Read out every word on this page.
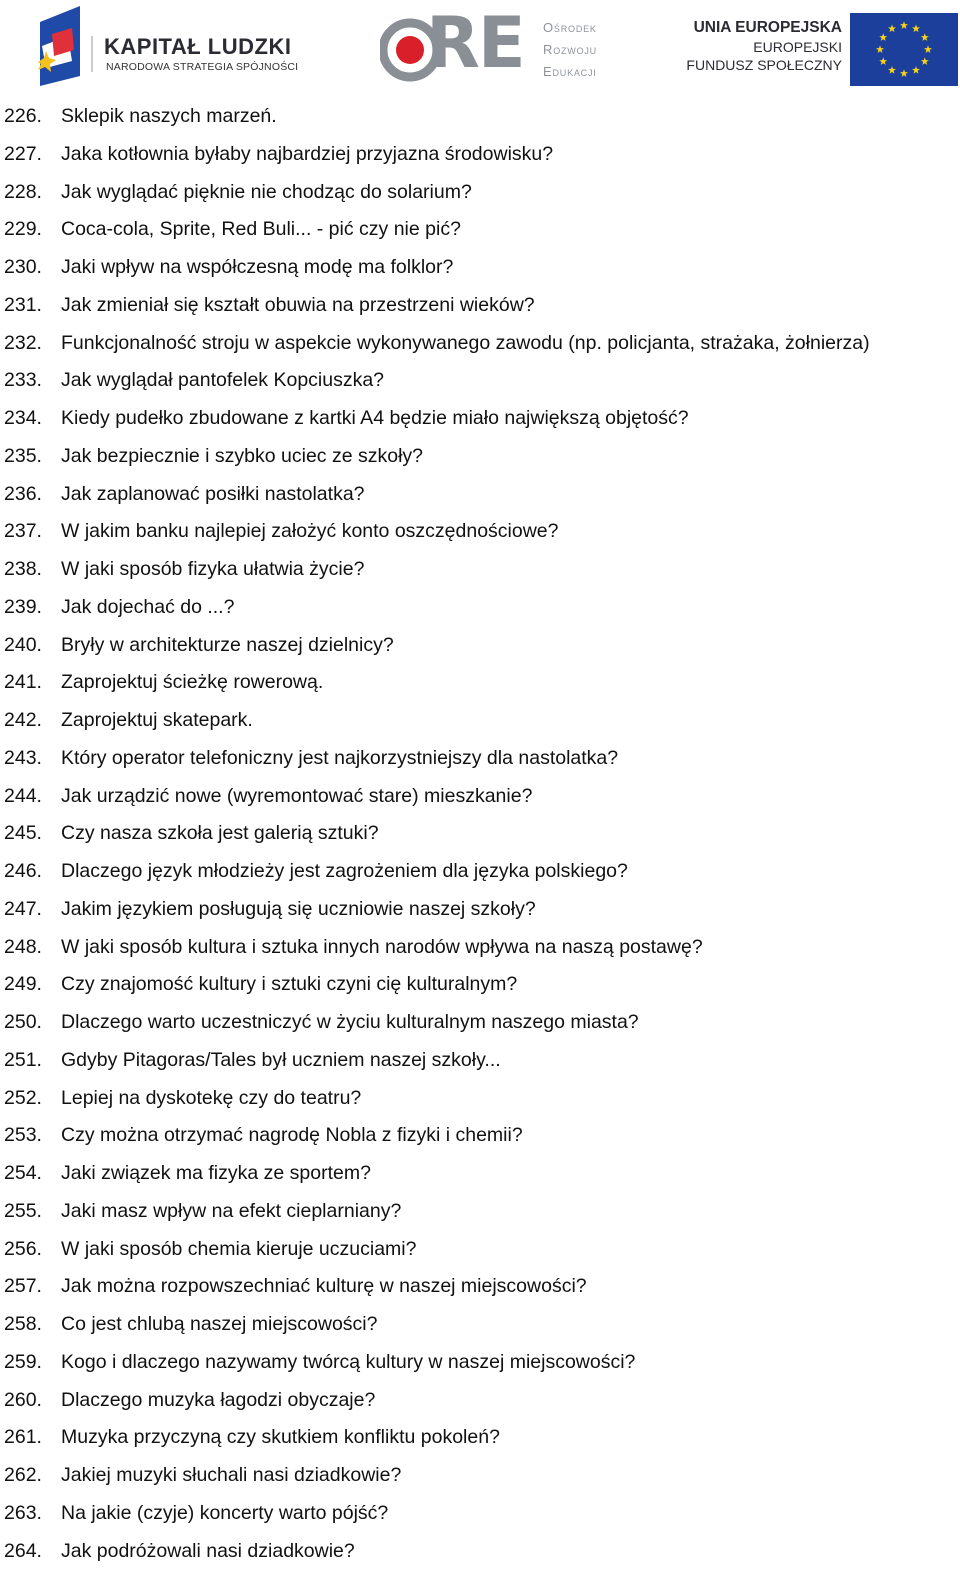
KAPITAŁ LUDZKI
NARODOWA STRATEGIA SPÓJNOŚCI RE Ośrodek
Rozwoju
Edukacji
UNIA EUROPEJSKA
EUROPEJSKI
FUNDUSZ SPOŁECZNY
226. Sklepik naszych marzeń.
227. Jaka kotłownia byłaby najbardziej przyjazna środowisku?
228. Jak wyglądać pięknie nie chodząc do solarium?
229. Coca-cola, Sprite, Red Buli... - pić czy nie pić?
230. Jaki wpływ na współczesną modę ma folklor?
231. Jak zmieniał się kształt obuwia na przestrzeni wieków?
232. Funkcjonalność stroju w aspekcie wykonywanego zawodu (np. policjanta, strażaka, żołnierza)
233. Jak wyglądał pantofelek Kopciuszka?
234. Kiedy pudełko zbudowane z kartki A4 będzie miało największą objętość?
235. Jak bezpiecznie i szybko uciec ze szkoły?
236. Jak zaplanować posiłki nastolatka?
237. W jakim banku najlepiej założyć konto oszczędnościowe?
238. W jaki sposób fizyka ułatwia życie?
239. Jak dojechać do ...?
240. Bryły w architekturze naszej dzielnicy?
241. Zaprojektuj ścieżkę rowerową.
242. Zaprojektuj skatepark.
243. Który operator telefoniczny jest najkorzystniejszy dla nastolatka?
244. Jak urządzić nowe (wyremontować stare) mieszkanie?
245. Czy nasza szkoła jest galerią sztuki?
246. Dlaczego język młodzieży jest zagrożeniem dla języka polskiego?
247. Jakim językiem posługują się uczniowie naszej szkoły?
248. W jaki sposób kultura i sztuka innych narodów wpływa na naszą postawę?
249. Czy znajomość kultury i sztuki czyni cię kulturalnym?
250. Dlaczego warto uczestniczyć w życiu kulturalnym naszego miasta?
251. Gdyby Pitagoras/Tales był uczniem naszej szkoły...
252. Lepiej na dyskotekę czy do teatru?
253. Czy można otrzymać nagrodę Nobla z fizyki i chemii?
254. Jaki związek ma fizyka ze sportem?
255. Jaki masz wpływ na efekt cieplarniany?
256. W jaki sposób chemia kieruje uczuciami?
257. Jak można rozpowszechniać kulturę w naszej miejscowości?
258. Co jest chlubą naszej miejscowości?
259. Kogo i dlaczego nazywamy twórcą kultury w naszej miejscowości?
260. Dlaczego muzyka łagodzi obyczaje?
261. Muzyka przyczyną czy skutkiem konfliktu pokoleń?
262. Jakiej muzyki słuchali nasi dziadkowie?
263. Na jakie (czyje) koncerty warto pójść?
264. Jak podróżowali nasi dziadkowie?
